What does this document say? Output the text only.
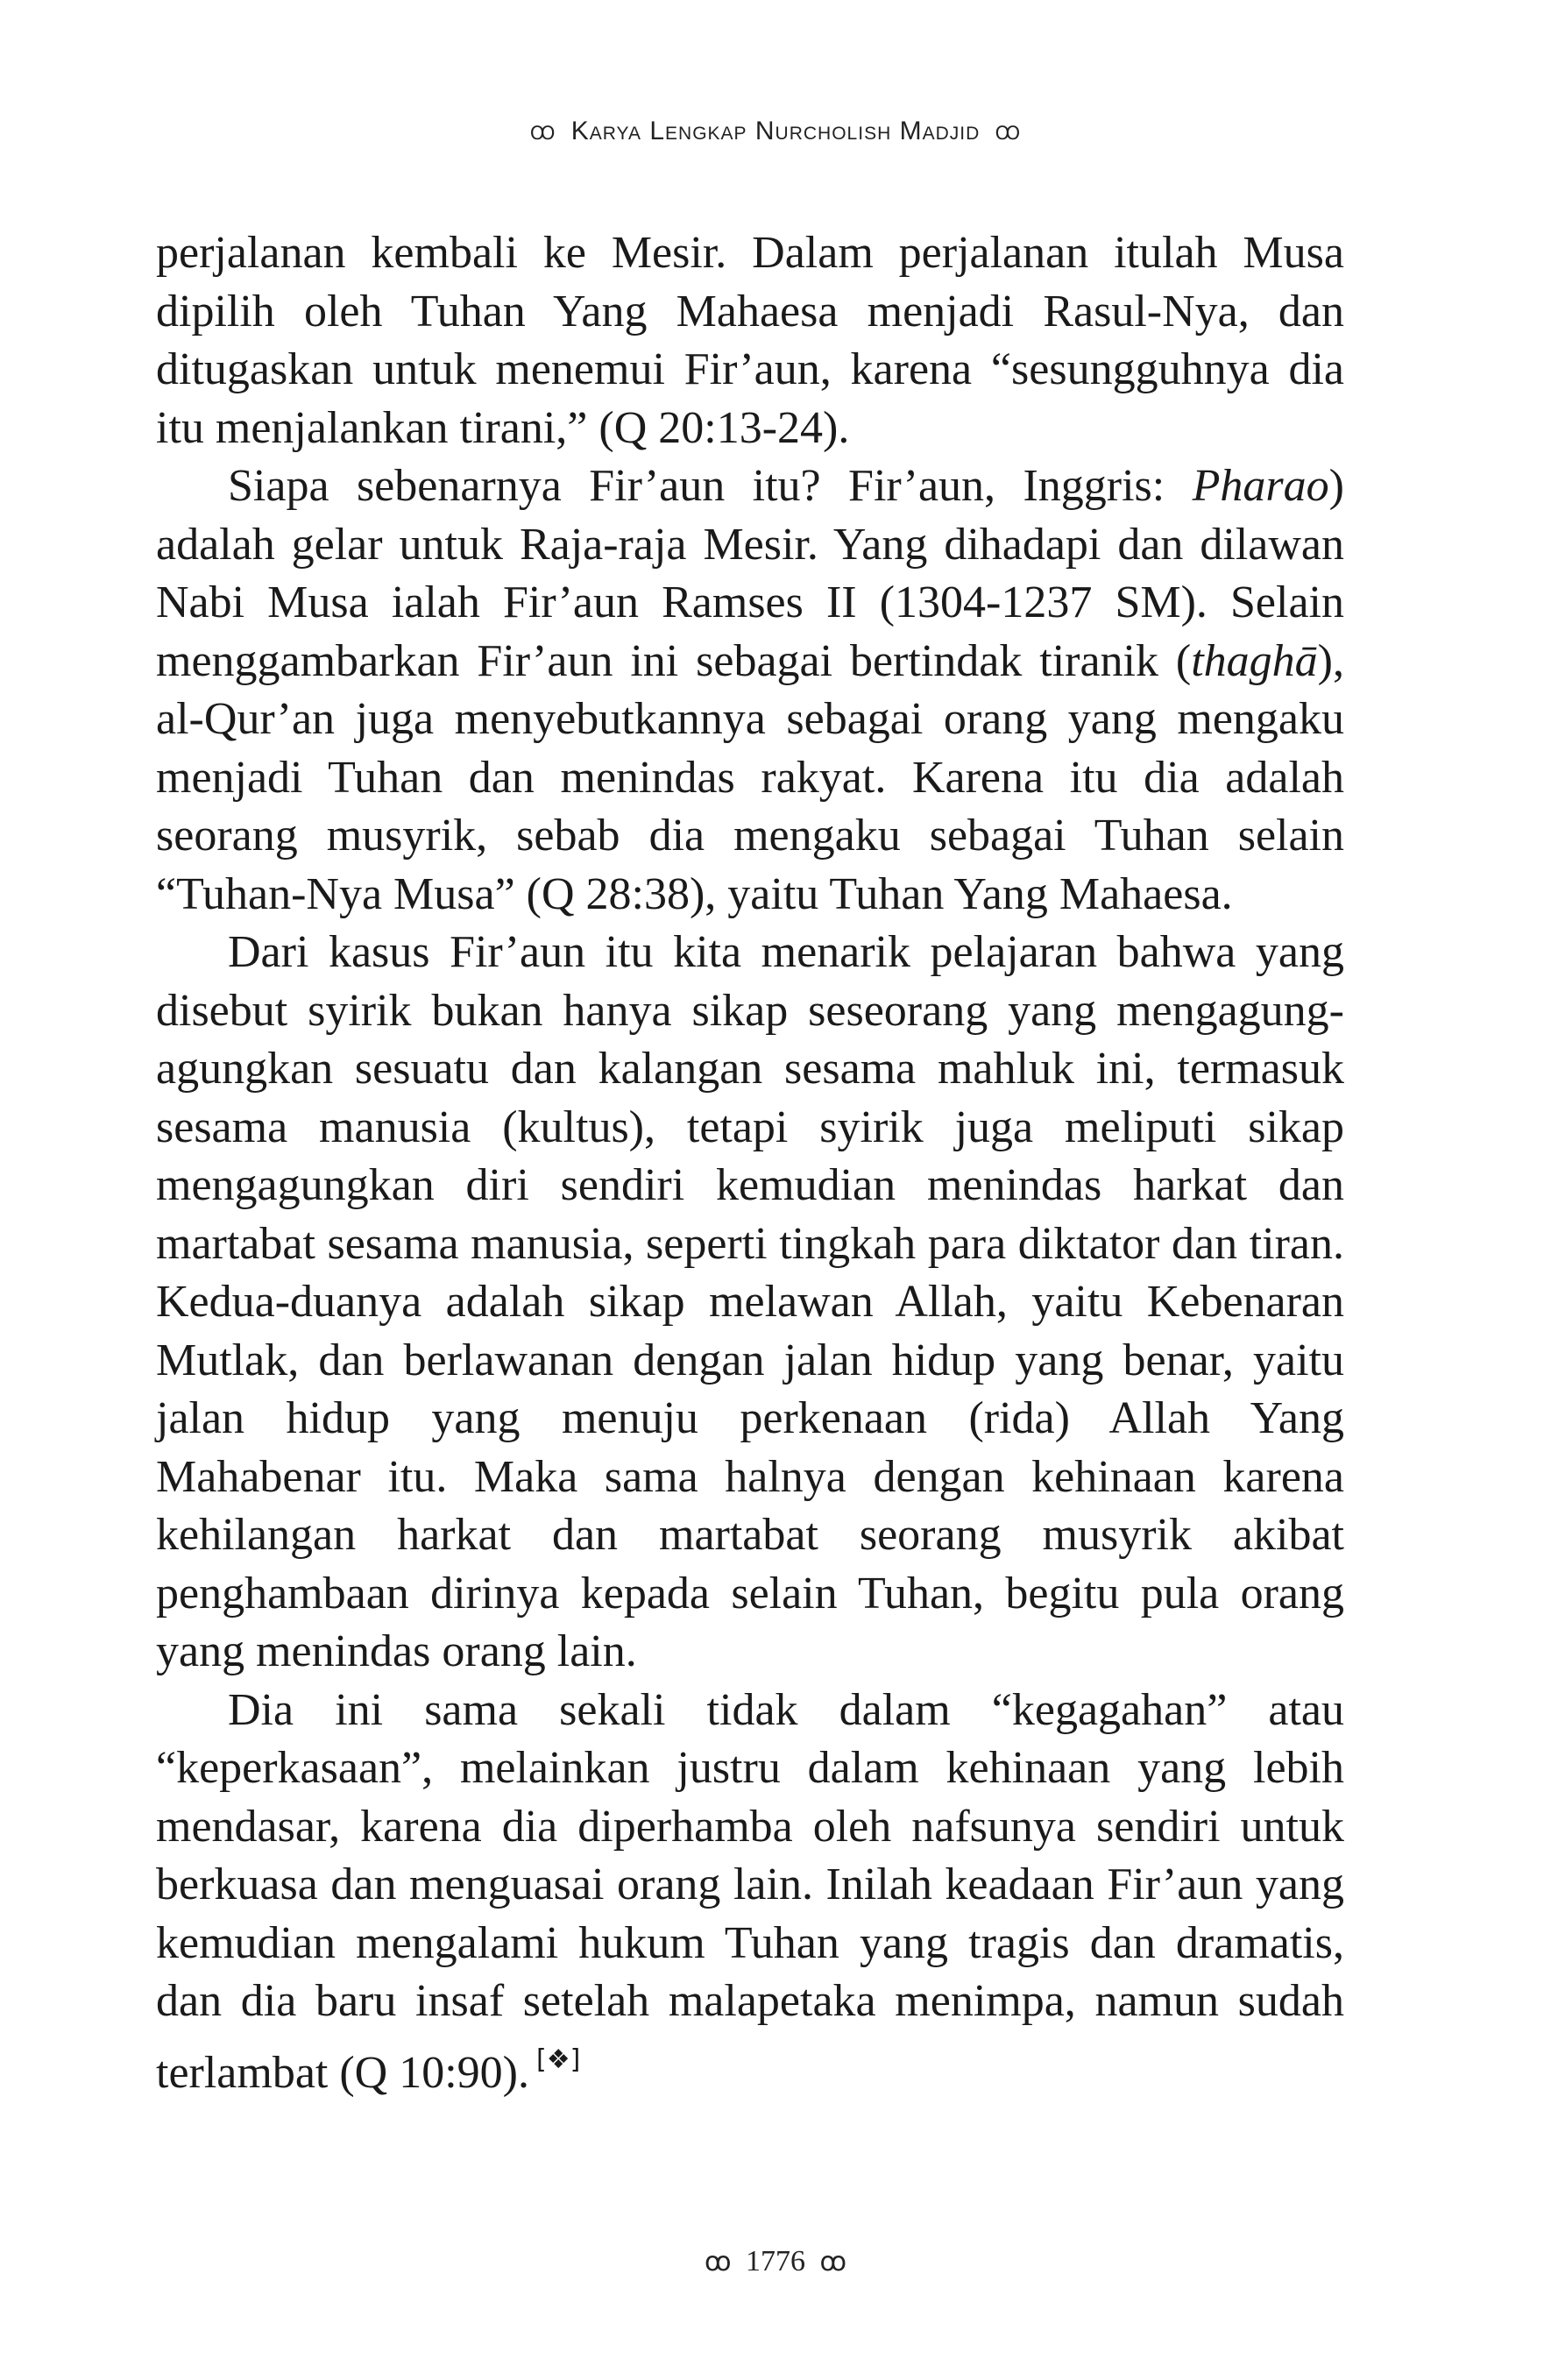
ꝏ Karya Lengkap Nurcholish Madjid ꝏ

perjalanan kembali ke Mesir. Dalam perjalanan itulah Musa dipilih oleh Tuhan Yang Mahaesa menjadi Rasul-Nya, dan ditugaskan untuk menemui Fir’aun, karena “sesungguhnya dia itu menjalankan tirani,” (Q 20:13-24).

Siapa sebenarnya Fir’aun itu? Fir’aun, Inggris: Pharao) adalah gelar untuk Raja-raja Mesir. Yang dihadapi dan dilawan Nabi Musa ialah Fir’aun Ramses II (1304-1237 SM). Selain menggambarkan Fir’aun ini sebagai bertindak tiranik (thaghā), al-Qur’an juga menyebutkannya sebagai orang yang mengaku menjadi Tuhan dan menindas rakyat. Karena itu dia adalah seorang musyrik, sebab dia mengaku sebagai Tuhan selain “Tuhan-Nya Musa” (Q 28:38), yaitu Tuhan Yang Mahaesa.

Dari kasus Fir’aun itu kita menarik pelajaran bahwa yang disebut syirik bukan hanya sikap seseorang yang mengagung-agungkan sesuatu dan kalangan sesama mahluk ini, termasuk sesama manusia (kultus), tetapi syirik juga meliputi sikap mengagungkan diri sendiri kemudian menindas harkat dan martabat sesama manusia, seperti tingkah para diktator dan tiran. Kedua-duanya adalah sikap melawan Allah, yaitu Kebenaran Mutlak, dan berlawanan dengan jalan hidup yang benar, yaitu jalan hidup yang menuju perkenaan (rida) Allah Yang Mahabenar itu. Maka sama halnya dengan kehinaan karena kehilangan harkat dan martabat seorang musyrik akibat penghambaan dirinya kepada selain Tuhan, begitu pula orang yang menindas orang lain.

Dia ini sama sekali tidak dalam “kegagahan” atau “keperkasaan”, melainkan justru dalam kehinaan yang lebih mendasar, karena dia diperhamba oleh nafsunya sendiri untuk berkuasa dan menguasai orang lain. Inilah keadaan Fir’aun yang kemudian mengalami hukum Tuhan yang tragis dan dramatis, dan dia baru insaf setelah malapetaka menimpa, namun sudah terlambat (Q 10:90). [❖]

ꝏ 1776 ꝏ
